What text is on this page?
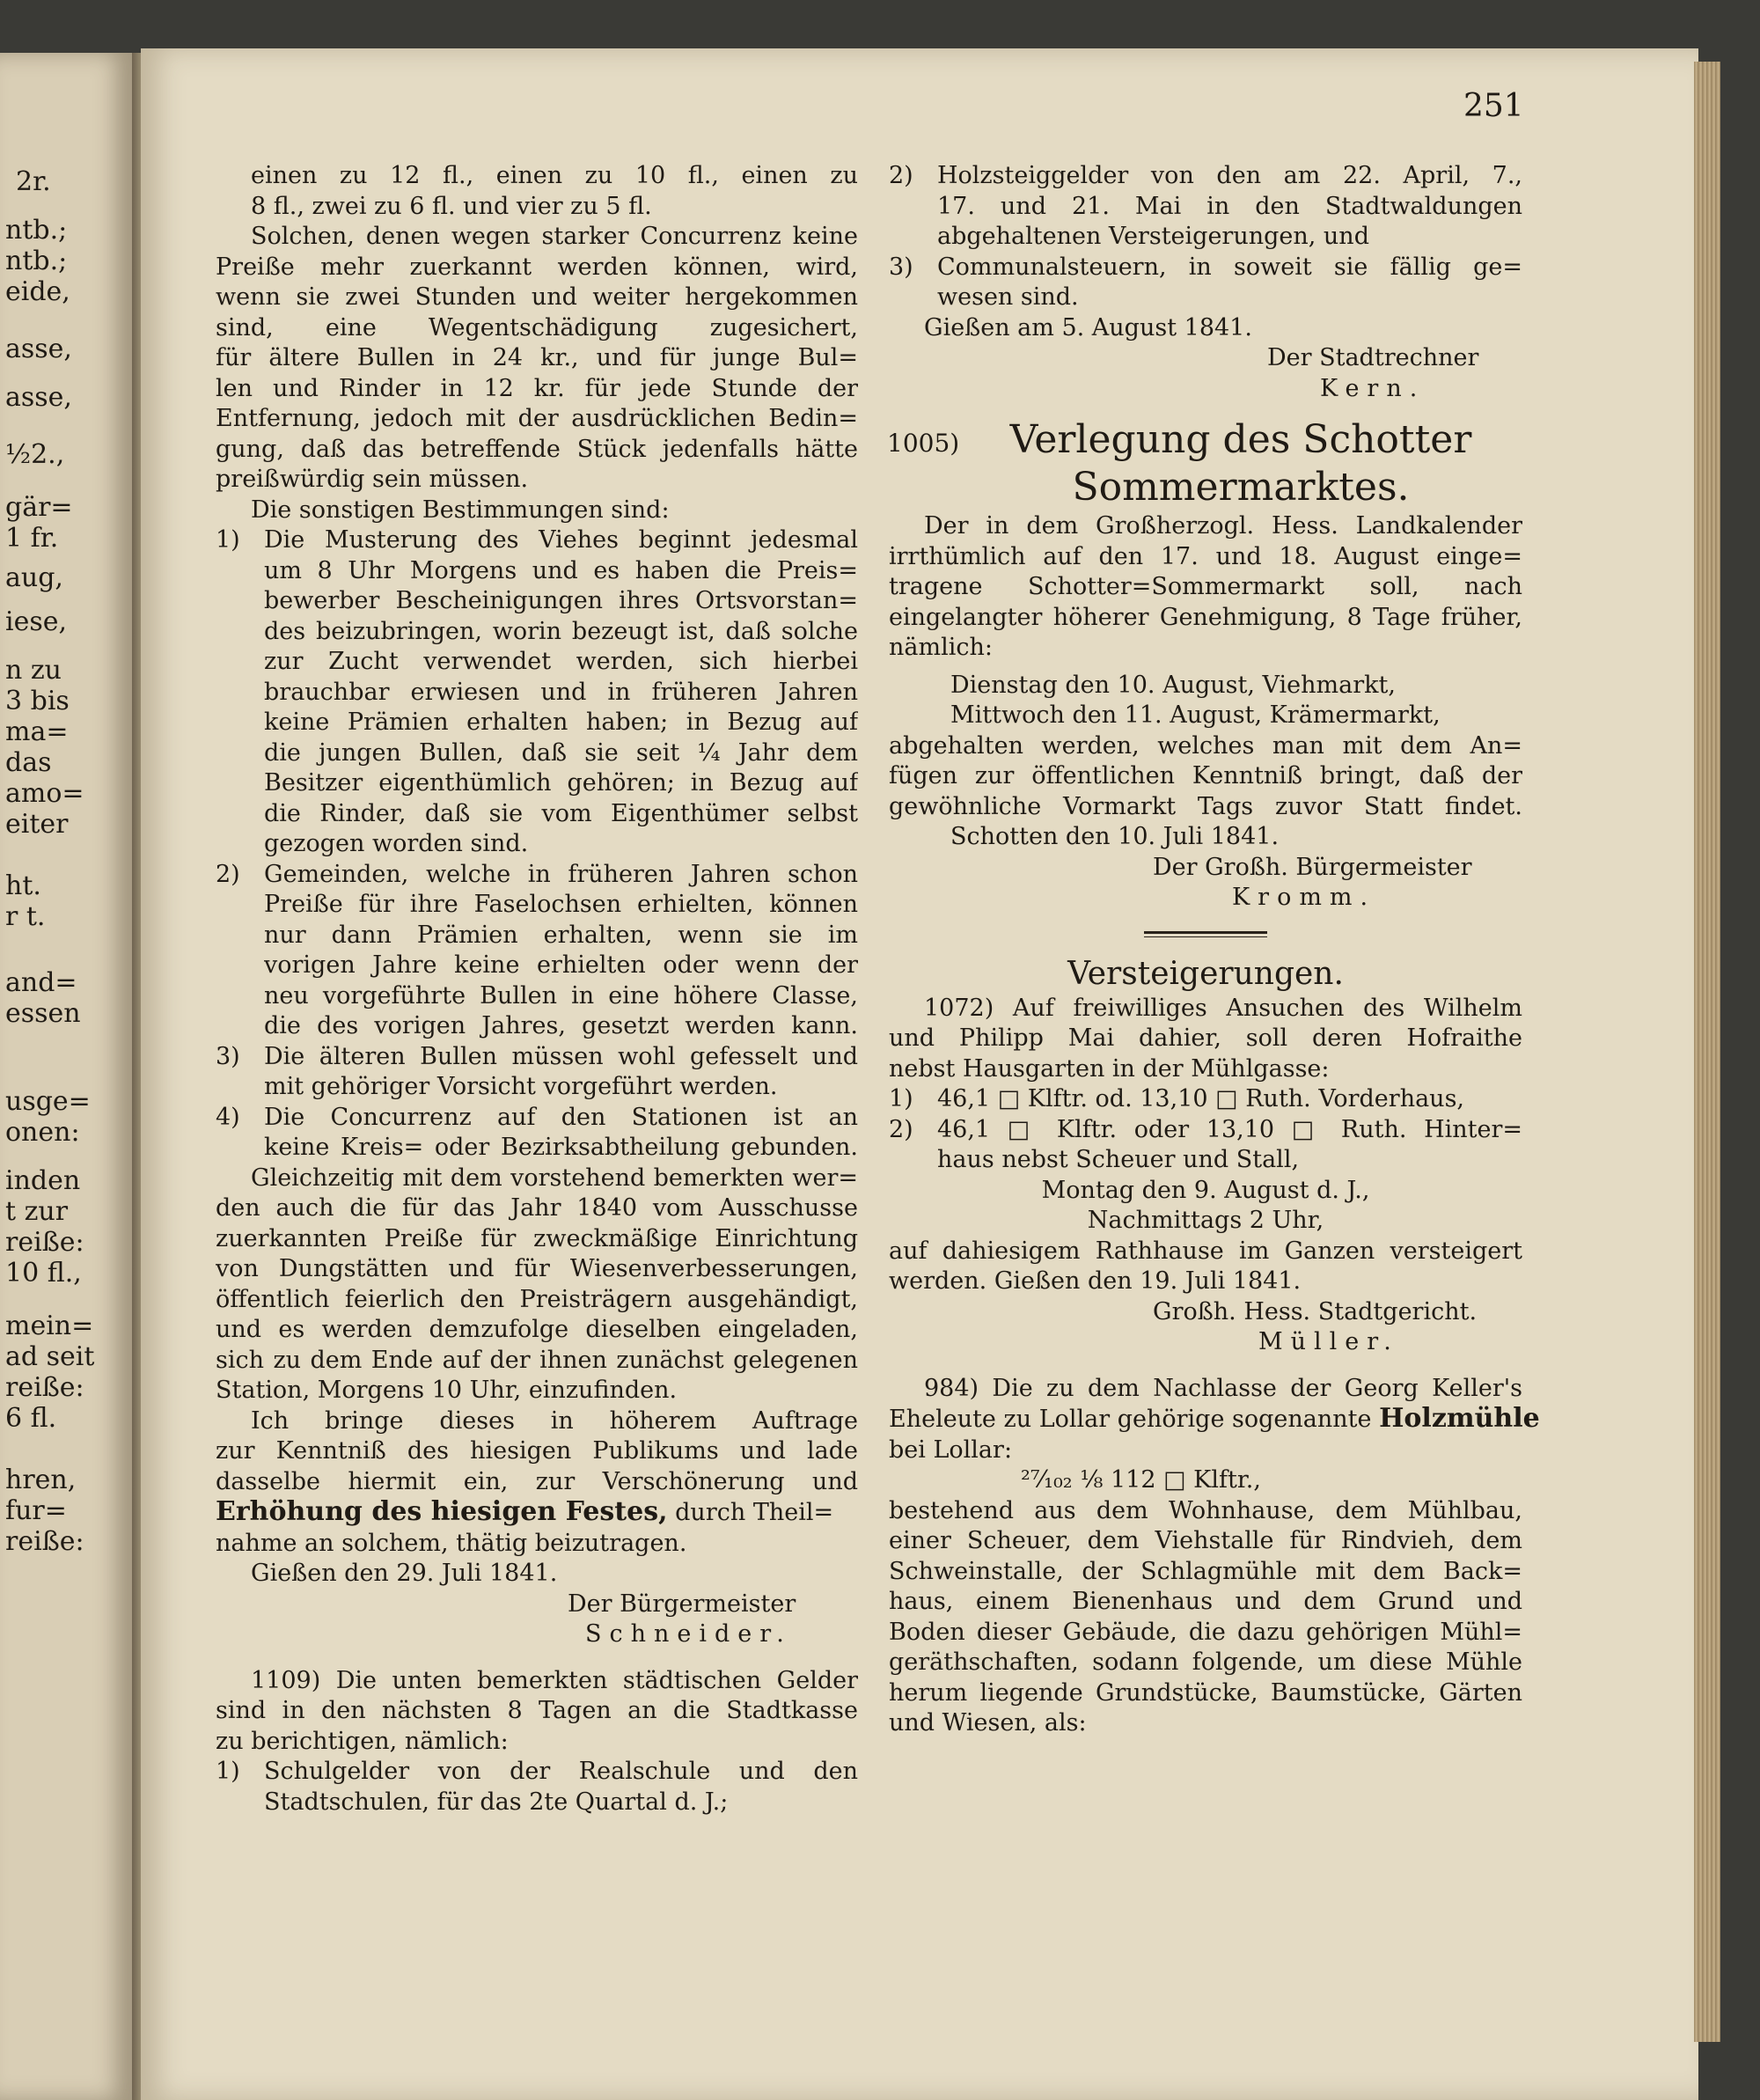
2r.
ntb.;
ntb.;
eide,
asse,
asse,
½2.,
gär=
1 fr.
aug,
iese,
n zu
3 bis
ma=
das
amo=
eiter
ht.
r t.
and=
essen
usge=
onen:
inden
t zur
reiße:
10 fl.,
mein=
ad seit
reiße:
6 fl.
hren,
fur=
reiße:
251
einen zu 12 fl., einen zu 10 fl., einen zu
8 fl., zwei zu 6 fl. und vier zu 5 fl.
Solchen, denen wegen starker Concurrenz keine
Preiße mehr zuerkannt werden können, wird,
wenn sie zwei Stunden und weiter hergekommen
sind, eine Wegentschädigung zugesichert,
für ältere Bullen in 24 kr., und für junge Bul=
len und Rinder in 12 kr. für jede Stunde der
Entfernung, jedoch mit der ausdrücklichen Bedin=
gung, daß das betreffende Stück jedenfalls hätte
preißwürdig sein müssen.
Die sonstigen Bestimmungen sind:
1)	Die Musterung des Viehes beginnt jedesmal
um 8 Uhr Morgens und es haben die Preis=
bewerber Bescheinigungen ihres Ortsvorstan=
des beizubringen, worin bezeugt ist, daß solche
zur Zucht verwendet werden, sich hierbei
brauchbar erwiesen und in früheren Jahren
keine Prämien erhalten haben; in Bezug auf
die jungen Bullen, daß sie seit ¼ Jahr dem
Besitzer eigenthümlich gehören; in Bezug auf
die Rinder, daß sie vom Eigenthümer selbst
gezogen worden sind.
2)	Gemeinden, welche in früheren Jahren schon
Preiße für ihre Faselochsen erhielten, können
nur dann Prämien erhalten, wenn sie im
vorigen Jahre keine erhielten oder wenn der
neu vorgeführte Bullen in eine höhere Classe,
die des vorigen Jahres, gesetzt werden kann.
3)	Die älteren Bullen müssen wohl gefesselt und
mit gehöriger Vorsicht vorgeführt werden.
4)	Die Concurrenz auf den Stationen ist an
keine Kreis= oder Bezirksabtheilung gebunden.
Gleichzeitig mit dem vorstehend bemerkten wer=
den auch die für das Jahr 1840 vom Ausschusse
zuerkannten Preiße für zweckmäßige Einrichtung
von Dungstätten und für Wiesenverbesserungen,
öffentlich feierlich den Preisträgern ausgehändigt,
und es werden demzufolge dieselben eingeladen,
sich zu dem Ende auf der ihnen zunächst gelegenen
Station, Morgens 10 Uhr, einzufinden.
Ich bringe dieses in höherem Auftrage
zur Kenntniß des hiesigen Publikums und lade
dasselbe hiermit ein, zur Verschönerung und
Erhöhung des hiesigen Festes, durch Theil=
nahme an solchem, thätig beizutragen.
Gießen den 29. Juli 1841.
Der Bürgermeister
Schneider.
1109) Die unten bemerkten städtischen Gelder
sind in den nächsten 8 Tagen an die Stadtkasse
zu berichtigen, nämlich:
1)	Schulgelder von der Realschule und den
Stadtschulen, für das 2te Quartal d. J.;
2)	Holzsteiggelder von den am 22. April, 7.,
17. und 21. Mai in den Stadtwaldungen
abgehaltenen Versteigerungen, und
3)	Communalsteuern, in soweit sie fällig ge=
wesen sind.
Gießen am 5. August 1841.
Der Stadtrechner
Kern.
1005)	Verlegung des Schotter
Sommermarktes.
Der in dem Großherzogl. Hess. Landkalender
irrthümlich auf den 17. und 18. August einge=
tragene Schotter=Sommermarkt soll, nach
eingelangter höherer Genehmigung, 8 Tage früher,
nämlich:
Dienstag den 10. August, Viehmarkt,
Mittwoch den 11. August, Krämermarkt,
abgehalten werden, welches man mit dem An=
fügen zur öffentlichen Kenntniß bringt, daß der
gewöhnliche Vormarkt Tags zuvor Statt findet.
Schotten den 10. Juli 1841.
Der Großh. Bürgermeister
Kromm.
Versteigerungen.
1072) Auf freiwilliges Ansuchen des Wilhelm
und Philipp Mai dahier, soll deren Hofraithe
nebst Hausgarten in der Mühlgasse:
1)	46,1 □ Klftr. od. 13,10 □ Ruth. Vorderhaus,
2)	46,1 □ Klftr. oder 13,10 □ Ruth. Hinter=
haus nebst Scheuer und Stall,
Montag den 9. August d. J.,
Nachmittags 2 Uhr,
auf dahiesigem Rathhause im Ganzen versteigert
werden. Gießen den 19. Juli 1841.
Großh. Hess. Stadtgericht.
Müller.
984) Die zu dem Nachlasse der Georg Keller's
Eheleute zu Lollar gehörige sogenannte Holzmühle
bei Lollar:
²⁷⁄₁₀₂ ⅛ 112 □ Klftr.,
bestehend aus dem Wohnhause, dem Mühlbau,
einer Scheuer, dem Viehstalle für Rindvieh, dem
Schweinstalle, der Schlagmühle mit dem Back=
haus, einem Bienenhaus und dem Grund und
Boden dieser Gebäude, die dazu gehörigen Mühl=
geräthschaften, sodann folgende, um diese Mühle
herum liegende Grundstücke, Baumstücke, Gärten
und Wiesen, als:
